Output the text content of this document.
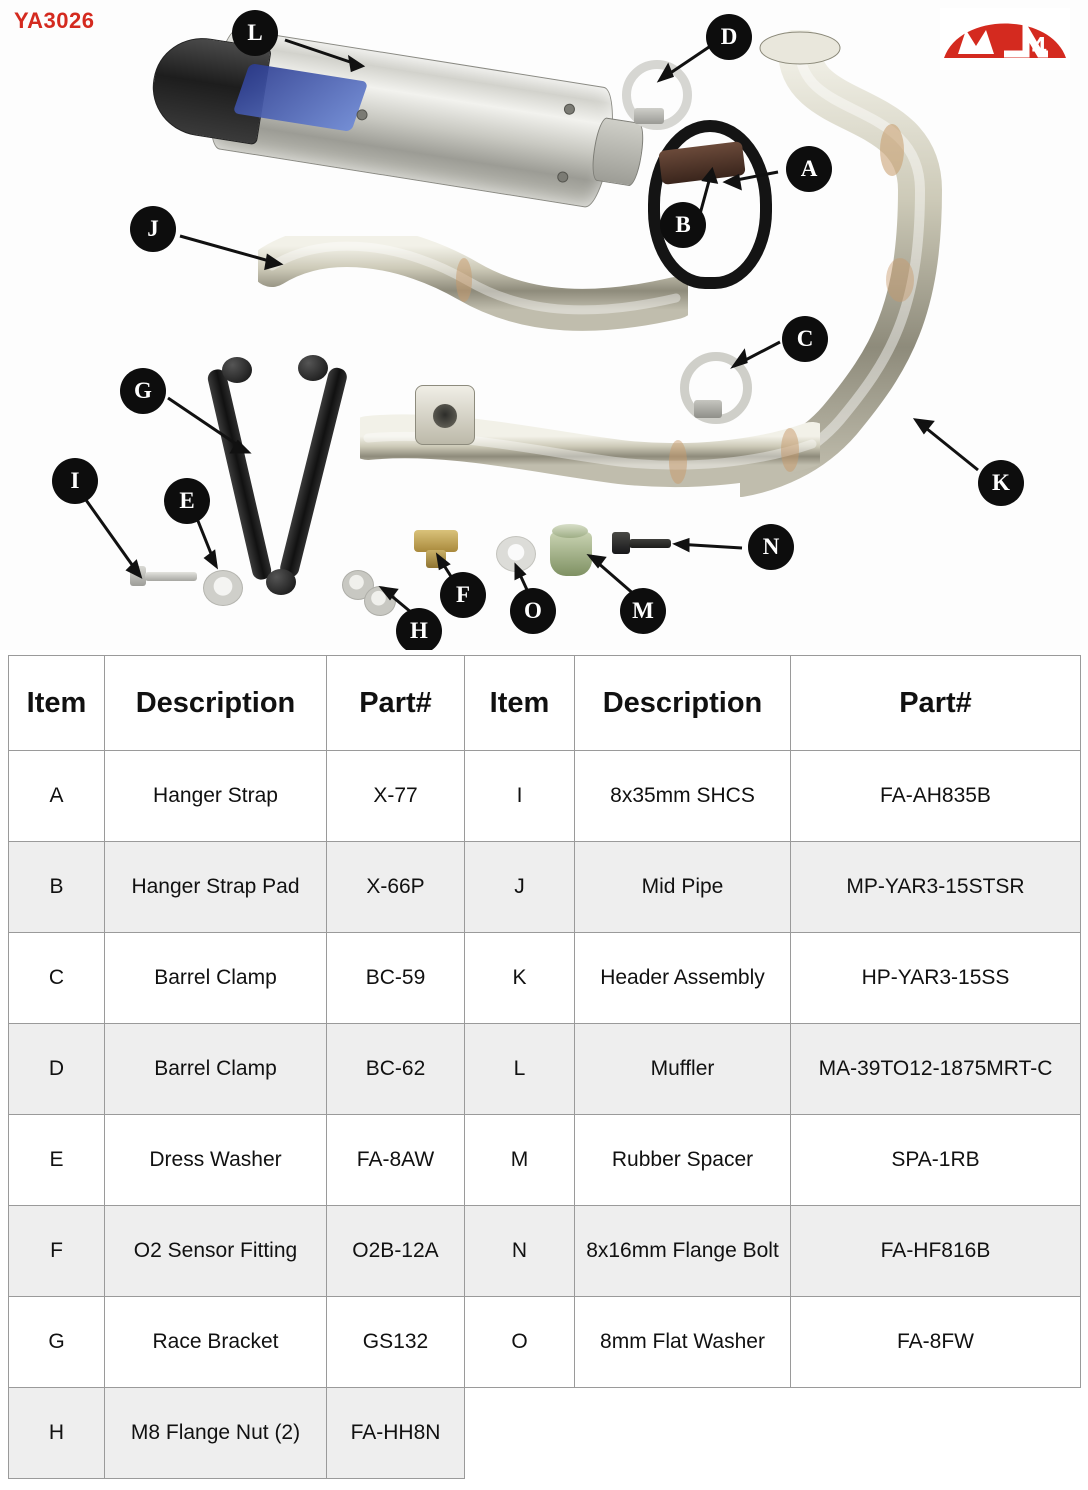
YA3026
4
L	D
A
B
J
C
K
G
I
E
H
F
O	M
N
Item	Description	Part#	Item	Description	Part#
A	Hanger Strap	X-77	I	8x35mm SHCS	FA-AH835B
B	Hanger Strap Pad	X-66P	J	Mid Pipe	MP-YAR3-15STSR
C	Barrel Clamp	BC-59	K	Header Assembly	HP-YAR3-15SS
D	Barrel Clamp	BC-62	L	Muffler	MA-39TO12-1875MRT-C
E	Dress Washer	FA-8AW	M	Rubber Spacer	SPA-1RB
F	O2 Sensor Fitting	O2B-12A	N	8x16mm Flange Bolt	FA-HF816B
G	Race Bracket	GS132	O	8mm Flat Washer	FA-8FW
H	M8 Flange Nut (2)	FA-HH8N			
